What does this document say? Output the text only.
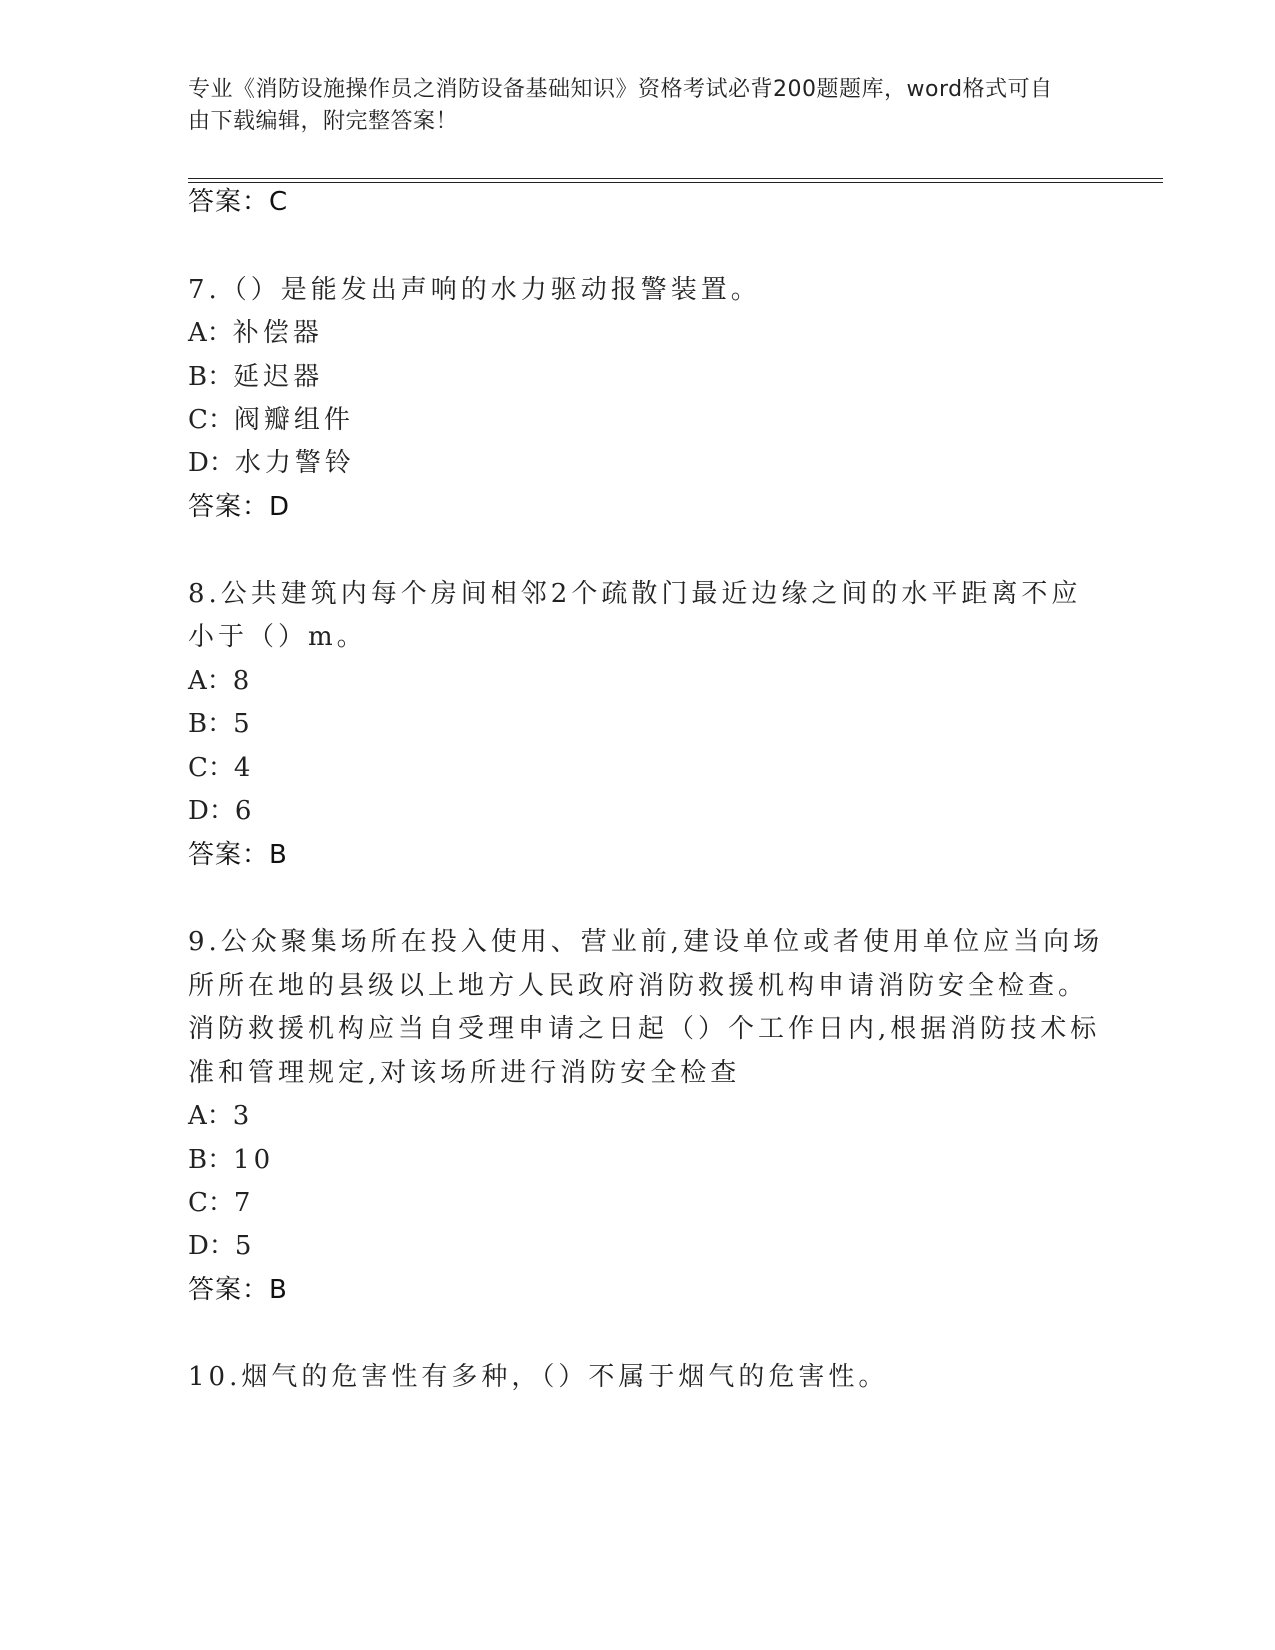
专业《消防设施操作员之消防设备基础知识》资格考试必背200题题库，word格式可自由下载编辑，附完整答案！
答案：C
7.（）是能发出声响的水力驱动报警装置。
A：补偿器
B：延迟器
C：阀瓣组件
D：水力警铃
答案：D
8.公共建筑内每个房间相邻2个疏散门最近边缘之间的水平距离不应
小于（）m。
A：8
B：5
C：4
D：6
答案：B
9.公众聚集场所在投入使用、营业前,建设单位或者使用单位应当向场
所所在地的县级以上地方人民政府消防救援机构申请消防安全检查。
消防救援机构应当自受理申请之日起（）个工作日内,根据消防技术标
准和管理规定,对该场所进行消防安全检查
A：3
B：10
C：7
D：5
答案：B
10.烟气的危害性有多种，（）不属于烟气的危害性。
